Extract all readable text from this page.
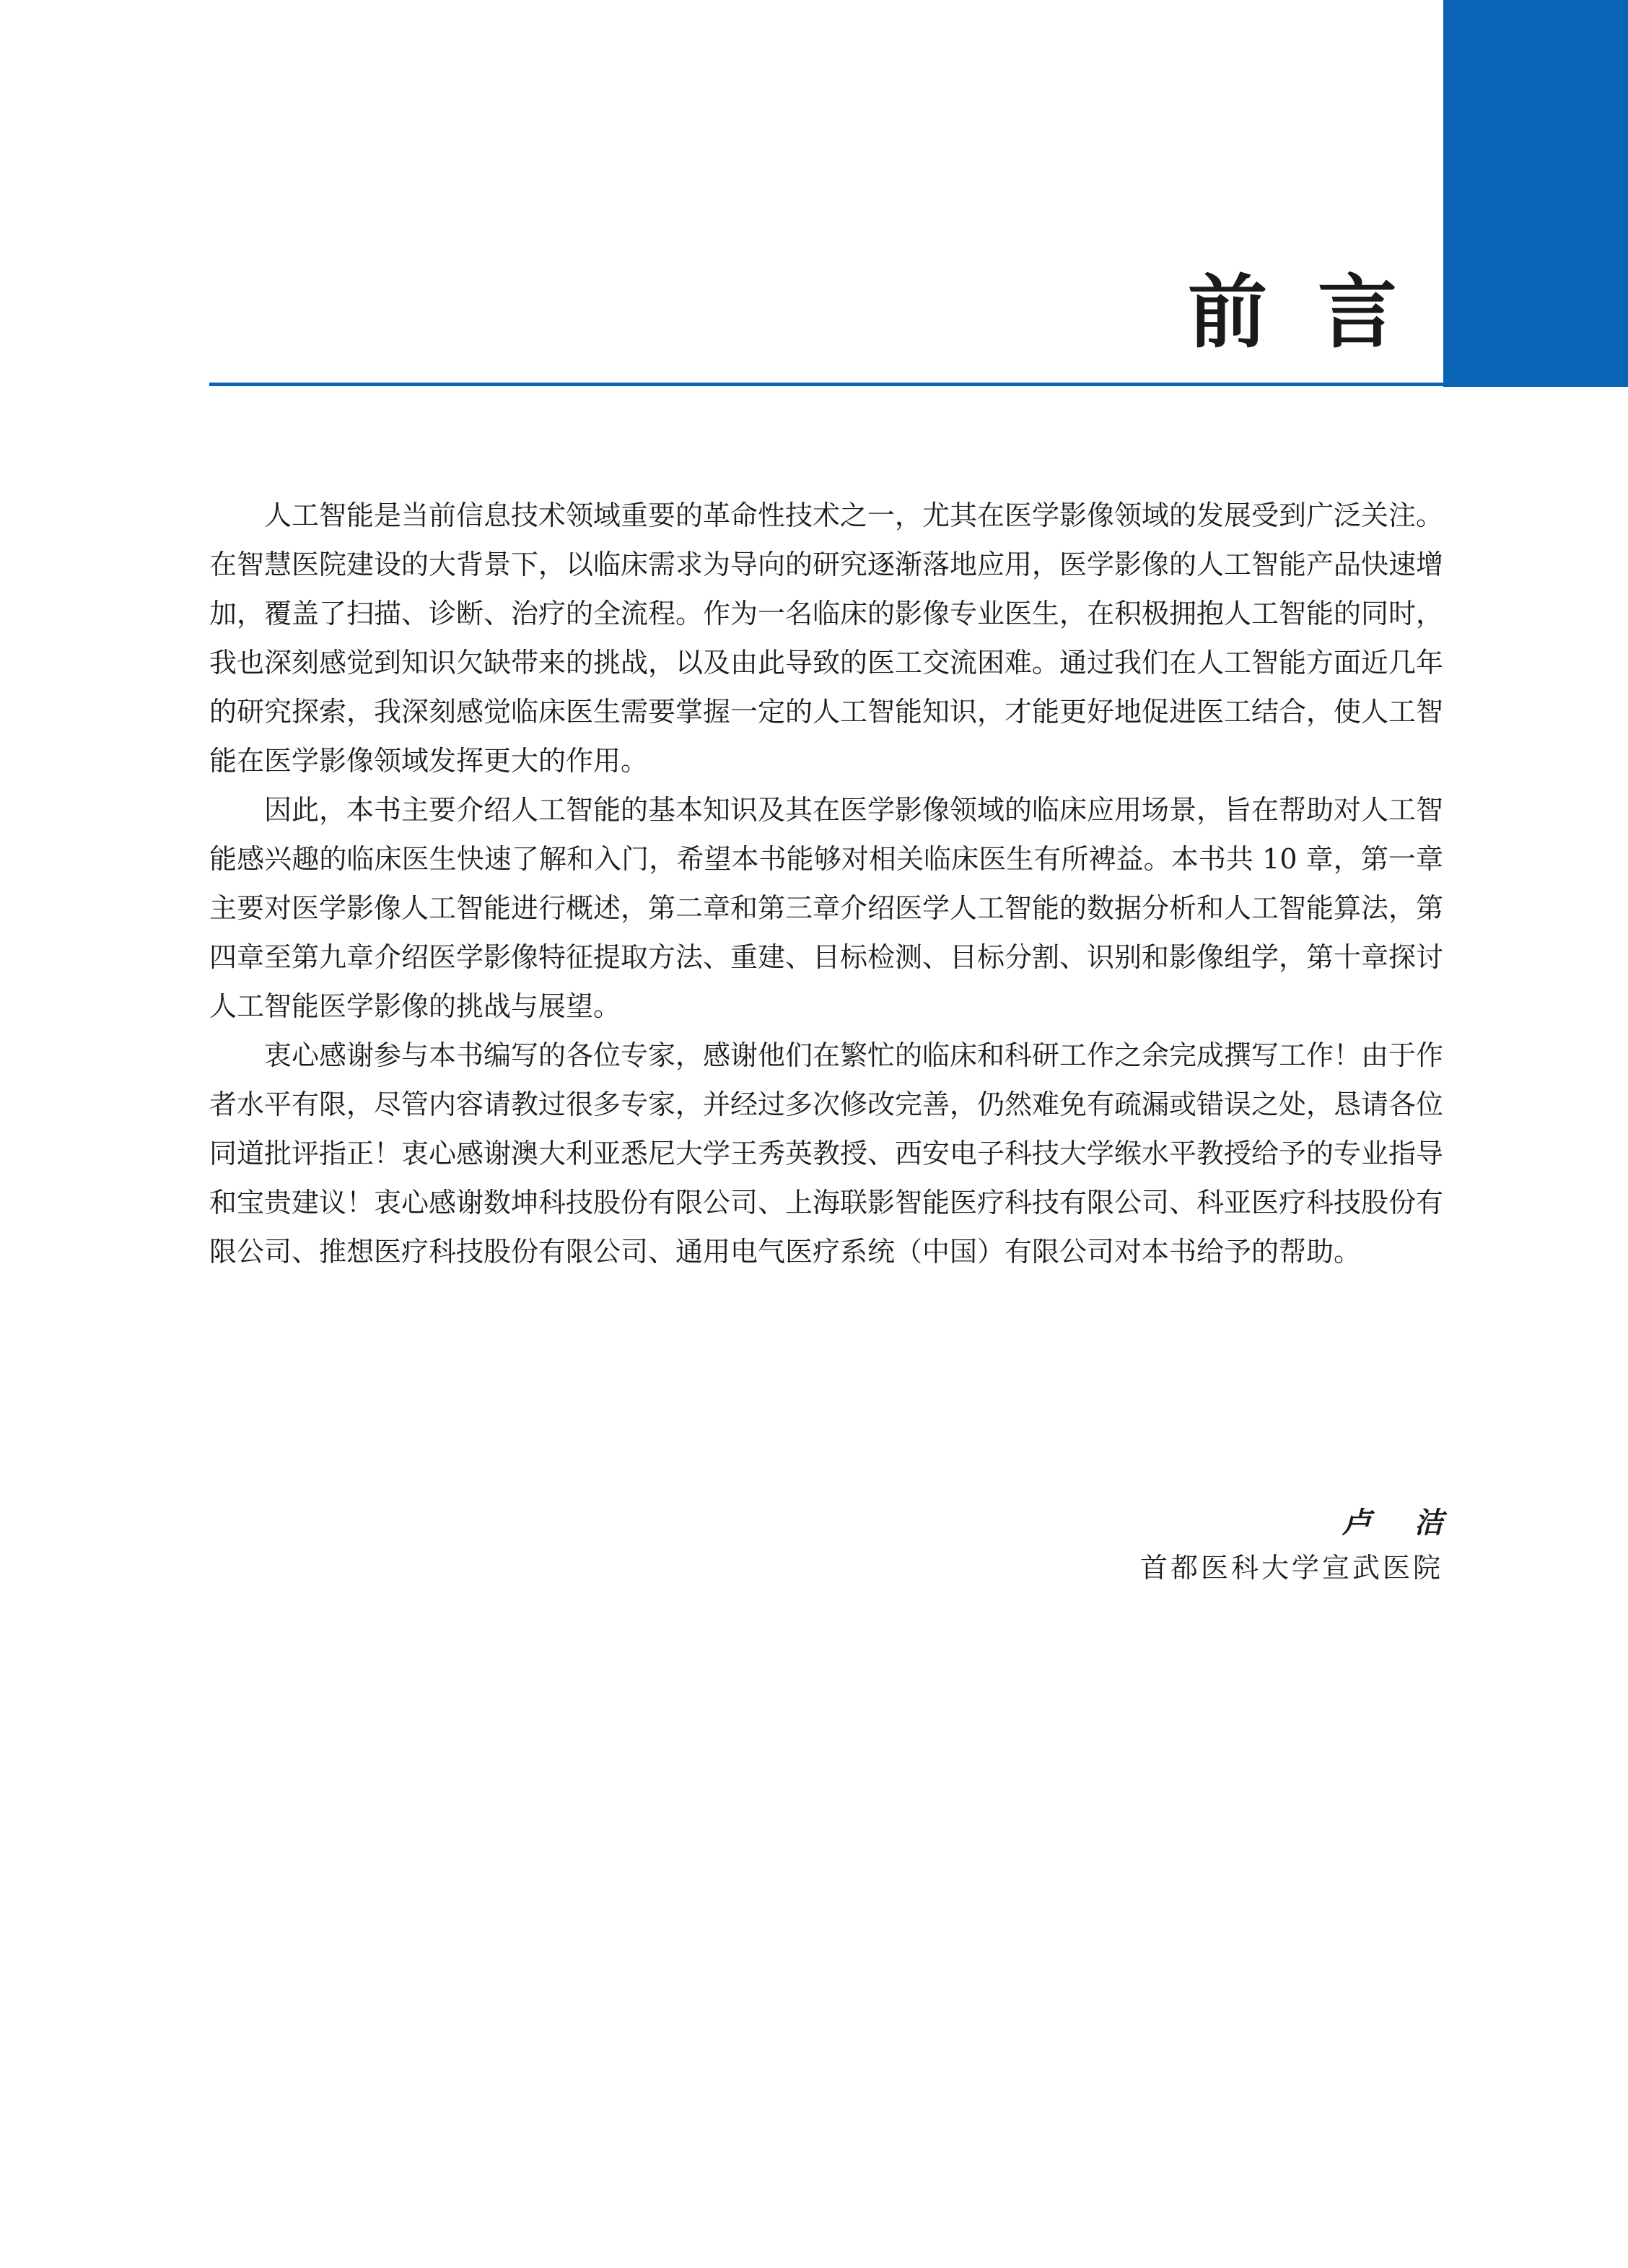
前言

人工智能是当前信息技术领域重要的革命性技术之一，尤其在医学影像领域的发展受到广泛关注。在智慧医院建设的大背景下，以临床需求为导向的研究逐渐落地应用，医学影像的人工智能产品快速增加，覆盖了扫描、诊断、治疗的全流程。作为一名临床的影像专业医生，在积极拥抱人工智能的同时，我也深刻感觉到知识欠缺带来的挑战，以及由此导致的医工交流困难。通过我们在人工智能方面近几年的研究探索，我深刻感觉临床医生需要掌握一定的人工智能知识，才能更好地促进医工结合，使人工智能在医学影像领域发挥更大的作用。

因此，本书主要介绍人工智能的基本知识及其在医学影像领域的临床应用场景，旨在帮助对人工智能感兴趣的临床医生快速了解和入门，希望本书能够对相关临床医生有所裨益。本书共 10 章，第一章主要对医学影像人工智能进行概述，第二章和第三章介绍医学人工智能的数据分析和人工智能算法，第四章至第九章介绍医学影像特征提取方法、重建、目标检测、目标分割、识别和影像组学，第十章探讨人工智能医学影像的挑战与展望。

衷心感谢参与本书编写的各位专家，感谢他们在繁忙的临床和科研工作之余完成撰写工作！由于作者水平有限，尽管内容请教过很多专家，并经过多次修改完善，仍然难免有疏漏或错误之处，恳请各位同道批评指正！衷心感谢澳大利亚悉尼大学王秀英教授、西安电子科技大学缑水平教授给予的专业指导和宝贵建议！衷心感谢数坤科技股份有限公司、上海联影智能医疗科技有限公司、科亚医疗科技股份有限公司、推想医疗科技股份有限公司、通用电气医疗系统（中国）有限公司对本书给予的帮助。

卢洁
首都医科大学宣武医院
